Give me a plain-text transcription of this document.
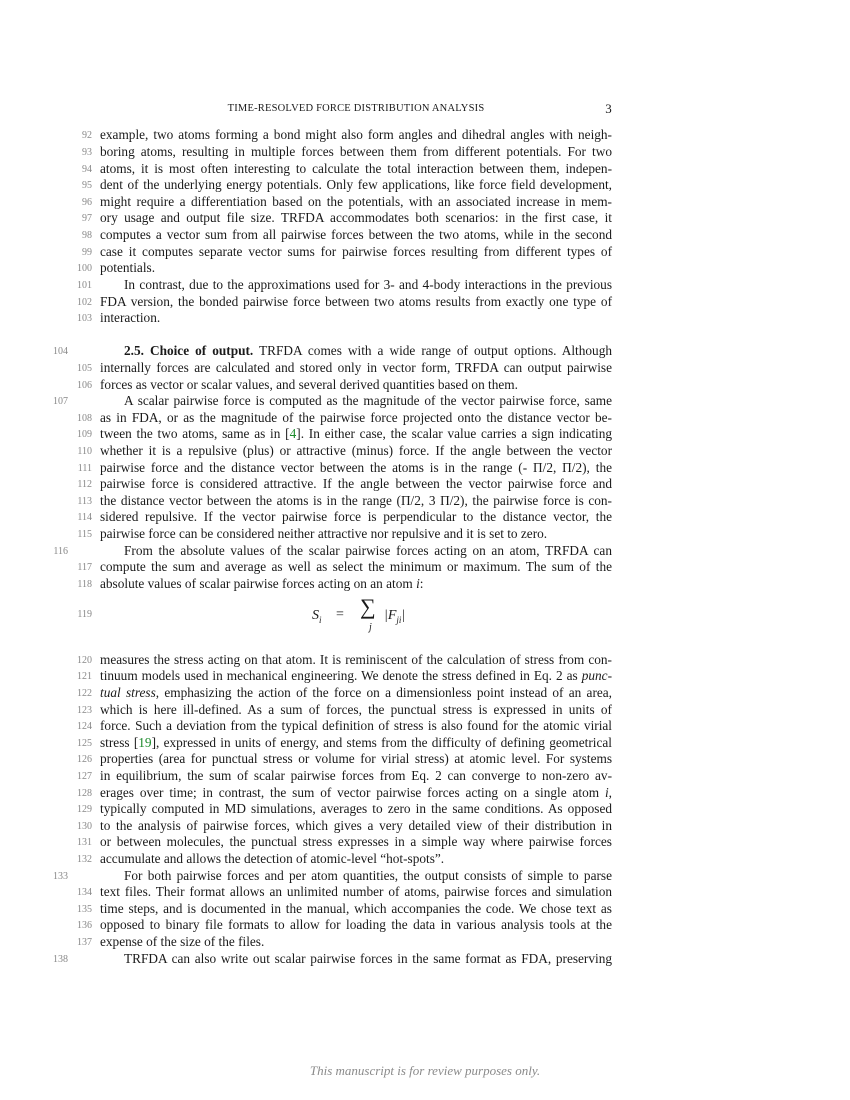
TIME-RESOLVED FORCE DISTRIBUTION ANALYSIS	3
92 example, two atoms forming a bond might also form angles and dihedral angles with neigh-
93 boring atoms, resulting in multiple forces between them from different potentials. For two
94 atoms, it is most often interesting to calculate the total interaction between them, indepen-
95 dent of the underlying energy potentials. Only few applications, like force field development,
96 might require a differentiation based on the potentials, with an associated increase in mem-
97 ory usage and output file size. TRFDA accommodates both scenarios: in the first case, it
98 computes a vector sum from all pairwise forces between the two atoms, while in the second
99 case it computes separate vector sums for pairwise forces resulting from different types of
100 potentials.
101 In contrast, due to the approximations used for 3- and 4-body interactions in the previous
102 FDA version, the bonded pairwise force between two atoms results from exactly one type of
103 interaction.
104	2.5. Choice of output. TRFDA comes with a wide range of output options. Although
105 internally forces are calculated and stored only in vector form, TRFDA can output pairwise
106 forces as vector or scalar values, and several derived quantities based on them.
107	A scalar pairwise force is computed as the magnitude of the vector pairwise force, same
108 as in FDA, or as the magnitude of the pairwise force projected onto the distance vector be-
109 tween the two atoms, same as in [4]. In either case, the scalar value carries a sign indicating
110 whether it is a repulsive (plus) or attractive (minus) force. If the angle between the vector
111 pairwise force and the distance vector between the atoms is in the range (- Π/2, Π/2), the
112 pairwise force is considered attractive. If the angle between the vector pairwise force and
113 the distance vector between the atoms is in the range (Π/2, 3 Π/2), the pairwise force is con-
114 sidered repulsive. If the vector pairwise force is perpendicular to the distance vector, the
115 pairwise force can be considered neither attractive nor repulsive and it is set to zero.
116	From the absolute values of the scalar pairwise forces acting on an atom, TRFDA can
117 compute the sum and average as well as select the minimum or maximum. The sum of the
118 absolute values of scalar pairwise forces acting on an atom i:
119	$S_i$ = ∑
j
$|F_{ji}|$
120 measures the stress acting on that atom. It is reminiscent of the calculation of stress from con-
121 tinuum models used in mechanical engineering. We denote the stress defined in Eq. 2 as punc-
122 tual stress, emphasizing the action of the force on a dimensionless point instead of an area,
123 which is here ill-defined. As a sum of forces, the punctual stress is expressed in units of
124 force. Such a deviation from the typical definition of stress is also found for the atomic virial
125 stress [19], expressed in units of energy, and stems from the difficulty of defining geometrical
126 properties (area for punctual stress or volume for virial stress) at atomic level. For systems
127 in equilibrium, the sum of scalar pairwise forces from Eq. 2 can converge to non-zero av-
128 erages over time; in contrast, the sum of vector pairwise forces acting on a single atom i,
129 typically computed in MD simulations, averages to zero in the same conditions. As opposed
130 to the analysis of pairwise forces, which gives a very detailed view of their distribution in
131 or between molecules, the punctual stress expresses in a simple way where pairwise forces
132 accumulate and allows the detection of atomic-level “hot-spots”.
133	For both pairwise forces and per atom quantities, the output consists of simple to parse
134 text files. Their format allows an unlimited number of atoms, pairwise forces and simulation
135 time steps, and is documented in the manual, which accompanies the code. We chose text as
136 opposed to binary file formats to allow for loading the data in various analysis tools at the
137 expense of the size of the files.
138	TRFDA can also write out scalar pairwise forces in the same format as FDA, preserving
This manuscript is for review purposes only.
